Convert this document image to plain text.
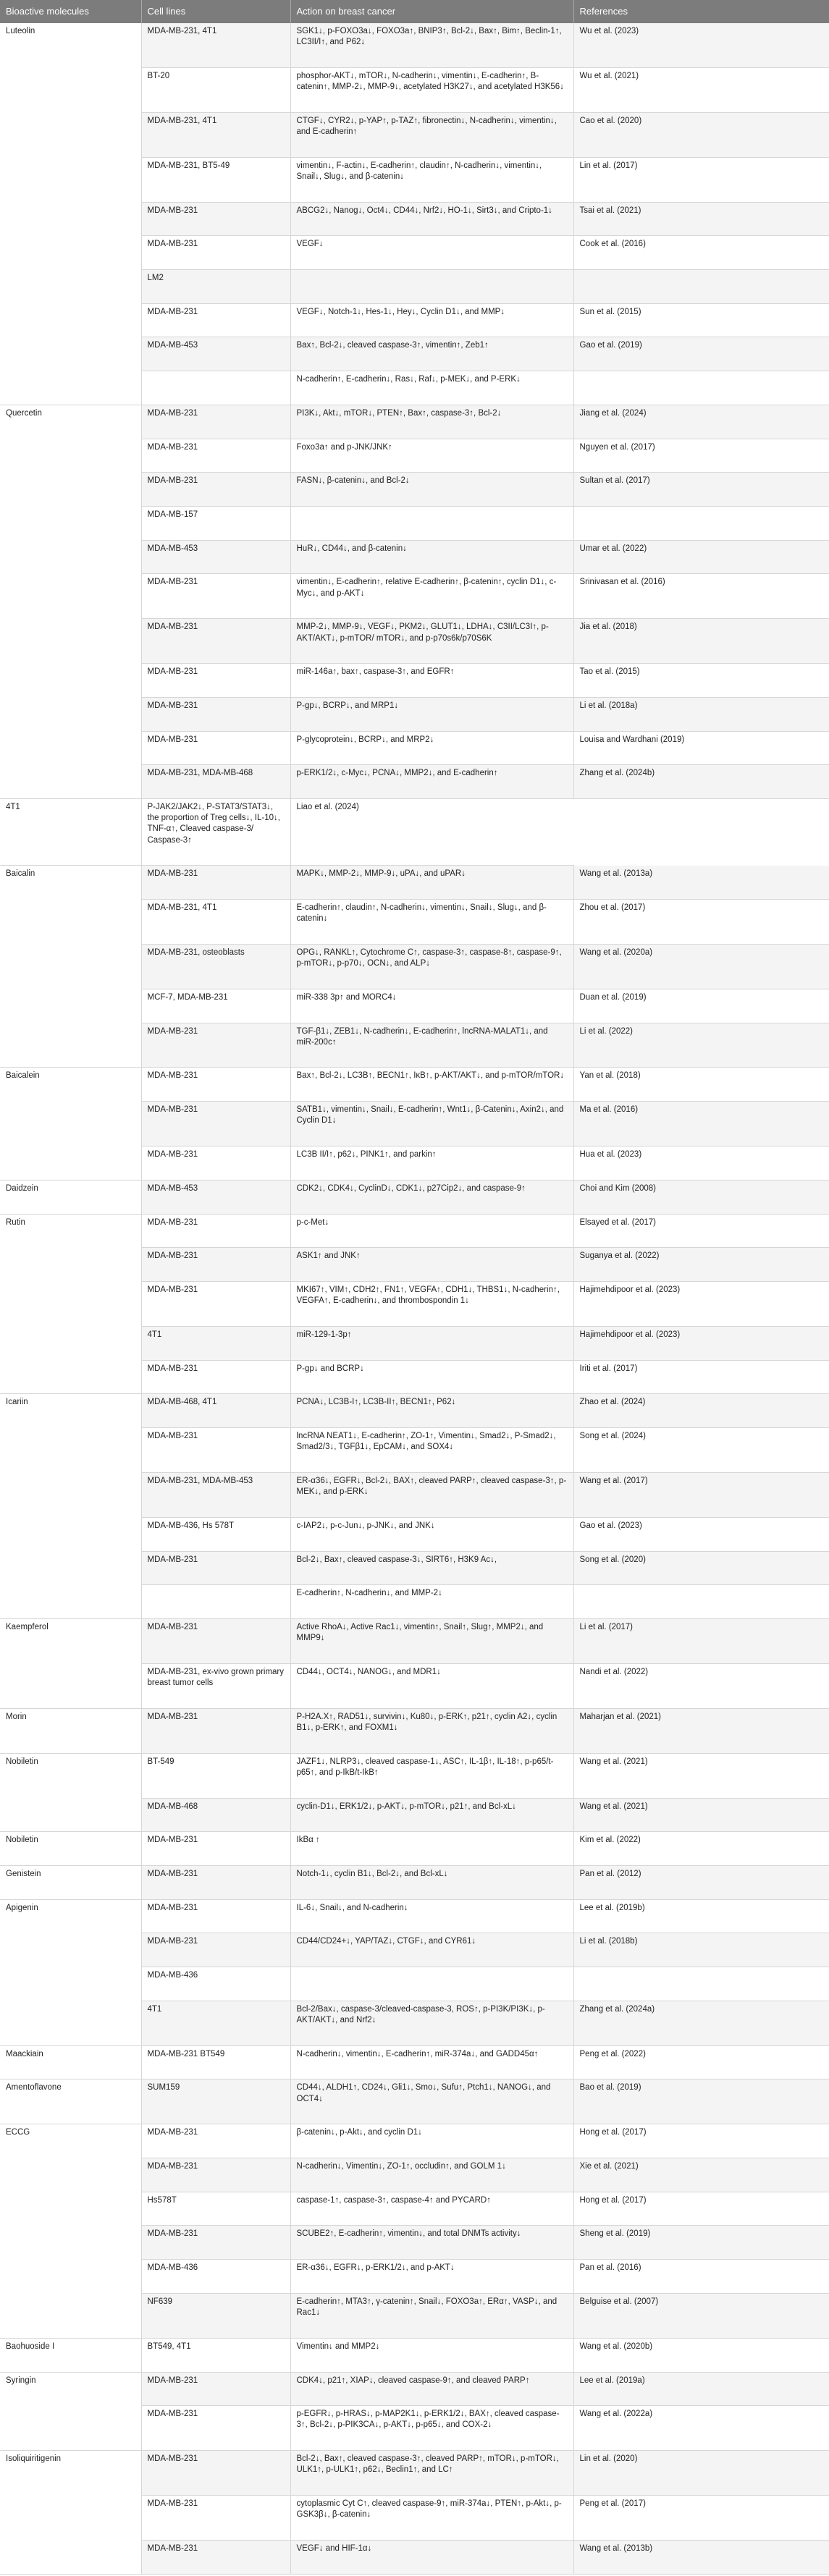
Bioactive molecules	Cell lines	Action on breast cancer	References
Luteolin	MDA-MB-231, 4T1	SGK1↓, p-FOXO3a↓, FOXO3a↑, BNIP3↑, Bcl-2↓, Bax↑, Bim↑, Beclin-1↑, LC3II/I↑, and P62↓	Wu et al. (2023)
	BT-20	phosphor-AKT↓, mTOR↓, N-cadherin↓, vimentin↓, E-cadherin↑, Β-catenin↑, MMP-2↓, MMP-9↓, acetylated H3K27↓, and acetylated H3K56↓	Wu et al. (2021)
	MDA-MB-231, 4T1	CTGF↓, CYR2↓, p-YAP↑, p-TAZ↑, fibronectin↓, N-cadherin↓, vimentin↓, and E-cadherin↑	Cao et al. (2020)
	MDA-MB-231, BT5-49	vimentin↓, F-actin↓, E-cadherin↑, claudin↑, N-cadherin↓, vimentin↓, Snail↓, Slug↓, and β-catenin↓	Lin et al. (2017)
	MDA-MB-231	ABCG2↓, Nanog↓, Oct4↓, CD44↓, Nrf2↓, HO-1↓, Sirt3↓, and Cripto-1↓	Tsai et al. (2021)
	MDA-MB-231	VEGF↓	Cook et al. (2016)
	LM2		
	MDA-MB-231	VEGF↓, Notch-1↓, Hes-1↓, Hey↓, Cyclin D1↓, and MMP↓	Sun et al. (2015)
	MDA-MB-453	Bax↑, Bcl-2↓, cleaved caspase-3↑, vimentin↑, Zeb1↑	Gao et al. (2019)
		N-cadherin↑, E-cadherin↓, Ras↓, Raf↓, p-MEK↓, and P-ERK↓	
Quercetin	MDA-MB-231	PI3K↓, Akt↓, mTOR↓, PTEN↑, Bax↑, caspase-3↑, Bcl-2↓	Jiang et al. (2024)
	MDA-MB-231	Foxo3a↑ and p-JNK/JNK↑	Nguyen et al. (2017)
	MDA-MB-231	FASN↓, β-catenin↓, and Bcl-2↓	Sultan et al. (2017)
	MDA-MB-157		
	MDA-MB-453	HuR↓, CD44↓, and β-catenin↓	Umar et al. (2022)
	MDA-MB-231	vimentin↓, E-cadherin↑, relative E-cadherin↑, β-catenin↑, cyclin D1↓, c-Myc↓, and p-AKT↓	Srinivasan et al. (2016)
	MDA-MB-231	MMP-2↓, MMP-9↓, VEGF↓, PKM2↓, GLUT1↓, LDHA↓, C3II/LC3I↑, p-AKT/AKT↓, p-mTOR/ mTOR↓, and p-p70s6k/p70S6K	Jia et al. (2018)
	MDA-MB-231	miR-146a↑, bax↑, caspase-3↑, and EGFR↑	Tao et al. (2015)
	MDA-MB-231	P-gp↓, BCRP↓, and MRP1↓	Li et al. (2018a)
	MDA-MB-231	P-glycoprotein↓, BCRP↓, and MRP2↓	Louisa and Wardhani (2019)
	MDA-MB-231, MDA-MB-468	p-ERK1/2↓, c-Myc↓, PCNA↓, MMP2↓, and E-cadherin↑	Zhang et al. (2024b)
4T1	P-JAK2/JAK2↓, P-STAT3/STAT3↓, the proportion of Treg cells↓, IL-10↓, TNF-α↑, Cleaved caspase-3/ Caspase-3↑	Liao et al. (2024)	
Baicalin	MDA-MB-231	MAPK↓, MMP-2↓, MMP-9↓, uPA↓, and uPAR↓	Wang et al. (2013a)
	MDA-MB-231, 4T1	E-cadherin↑, claudin↑, N-cadherin↓, vimentin↓, Snail↓, Slug↓, and β-catenin↓	Zhou et al. (2017)
	MDA-MB-231, osteoblasts	OPG↓, RANKL↑, Cytochrome C↑, caspase-3↑, caspase-8↑, caspase-9↑, p-mTOR↓, p-p70↓, OCN↓, and ALP↓	Wang et al. (2020a)
	MCF-7, MDA-MB-231	miR-338 3p↑ and MORC4↓	Duan et al. (2019)
	MDA-MB-231	TGF-β1↓, ZEB1↓, N-cadherin↓, E-cadherin↑, lncRNA-MALAT1↓, and miR-200c↑	Li et al. (2022)
Baicalein	MDA-MB-231	Bax↑, Bcl-2↓, LC3B↑, BECN1↑, IκB↑, p-AKT/AKT↓, and p-mTOR/mTOR↓	Yan et al. (2018)
	MDA-MB-231	SATB1↓, vimentin↓, Snail↓, E-cadherin↑, Wnt1↓, β-Catenin↓, Axin2↓, and Cyclin D1↓	Ma et al. (2016)
	MDA-MB-231	LC3B II/I↑, p62↓, PINK1↑, and parkin↑	Hua et al. (2023)
Daidzein	MDA-MB-453	CDK2↓, CDK4↓, CyclinD↓, CDK1↓, p27Cip2↓, and caspase-9↑	Choi and Kim (2008)
Rutin	MDA-MB-231	p-c-Met↓	Elsayed et al. (2017)
	MDA-MB-231	ASK1↑ and JNK↑	Suganya et al. (2022)
	MDA-MB-231	MKI67↑, VIM↑, CDH2↑, FN1↑, VEGFA↑, CDH1↓, THBS1↓, N-cadherin↑, VEGFA↑, E-cadherin↓, and thrombospondin 1↓	Hajimehdipoor et al. (2023)
	4T1	miR-129-1-3p↑	Hajimehdipoor et al. (2023)
	MDA-MB-231	P-gp↓ and BCRP↓	Iriti et al. (2017)
Icariin	MDA-MB-468, 4T1	PCNA↓, LC3B-I↑, LC3B-II↑, BECN1↑, P62↓	Zhao et al. (2024)
	MDA-MB-231	lncRNA NEAT1↓, E-cadherin↑, ZO-1↑, Vimentin↓, Smad2↓, P-Smad2↓, Smad2/3↓, TGFβ1↓, EpCAM↓, and SOX4↓	Song et al. (2024)
	MDA-MB-231, MDA-MB-453	ER-α36↓, EGFR↓, Bcl-2↓, BAX↑, cleaved PARP↑, cleaved caspase-3↑, p-MEK↓, and p-ERK↓	Wang et al. (2017)
	MDA-MB-436, Hs 578T	c-IAP2↓, p-c-Jun↓, p-JNK↓, and JNK↓	Gao et al. (2023)
	MDA-MB-231	Bcl-2↓, Bax↑, cleaved caspase-3↓, SIRT6↑, H3K9 Ac↓,	Song et al. (2020)
		E-cadherin↑, N-cadherin↓, and MMP-2↓	
Kaempferol	MDA-MB-231	Active RhoA↓, Active Rac1↓, vimentin↑, Snail↑, Slug↑, MMP2↓, and MMP9↓	Li et al. (2017)
	MDA-MB-231, ex-vivo grown primary breast tumor cells	CD44↓, OCT4↓, NANOG↓, and MDR1↓	Nandi et al. (2022)
Morin	MDA-MB-231	P-H2A.X↑, RAD51↓, survivin↓, Ku80↓, p-ERK↑, p21↑, cyclin A2↓, cyclin B1↓, p-ERK↑, and FOXM1↓	Maharjan et al. (2021)
Nobiletin	BT-549	JAZF1↓, NLRP3↓, cleaved caspase-1↓, ASC↑, IL-1β↑, IL-18↑, p-p65/t-p65↑, and p-IkB/t-IkB↑	Wang et al. (2021)
	MDA-MB-468	cyclin-D1↓, ERK1/2↓, p-AKT↓, p-mTOR↓, p21↑, and Bcl-xL↓	Wang et al. (2021)
Nobiletin	MDA-MB-231	IkBα ↑	Kim et al. (2022)
Genistein	MDA-MB-231	Notch-1↓, cyclin B1↓, Bcl-2↓, and Bcl-xL↓	Pan et al. (2012)
Apigenin	MDA-MB-231	IL-6↓, Snail↓, and N-cadherin↓	Lee et al. (2019b)
	MDA-MB-231	CD44/CD24+↓, YAP/TAZ↓, CTGF↓, and CYR61↓	Li et al. (2018b)
	MDA-MB-436		
	4T1	Bcl-2/Bax↓, caspase-3/cleaved-caspase-3, ROS↑, p-PI3K/PI3K↓, p-AKT/AKT↓, and Nrf2↓	Zhang et al. (2024a)
Maackiain	MDA-MB-231 BT549	N-cadherin↓, vimentin↓, E-cadherin↑, miR-374a↓, and GADD45α↑	Peng et al. (2022)
Amentoflavone	SUM159	CD44↓, ALDH1↑, CD24↓, Gli1↓, Smo↓, Sufu↑, Ptch1↓, NANOG↓, and OCT4↓	Bao et al. (2019)
ECCG	MDA-MB-231	β-catenin↓, p-Akt↓, and cyclin D1↓	Hong et al. (2017)
	MDA-MB-231	N-cadherin↓, Vimentin↓, ZO-1↑, occludin↑, and GOLM 1↓	Xie et al. (2021)
	Hs578T	caspase-1↑, caspase-3↑, caspase-4↑ and PYCARD↑	Hong et al. (2017)
	MDA-MB-231	SCUBE2↑, E-cadherin↑, vimentin↓, and total DNMTs activity↓	Sheng et al. (2019)
	MDA-MB-436	ER-α36↓, EGFR↓, p-ERK1/2↓, and p-AKT↓	Pan et al. (2016)
	NF639	E-cadherin↑, MTA3↑, γ-catenin↑, Snail↓, FOXO3a↑, ERα↑, VASP↓, and Rac1↓	Belguise et al. (2007)
Baohuoside I	BT549, 4T1	Vimentin↓ and MMP2↓	Wang et al. (2020b)
Syringin	MDA-MB-231	CDK4↓, p21↑, XIAP↓, cleaved caspase-9↑, and cleaved PARP↑	Lee et al. (2019a)
	MDA-MB-231	p-EGFR↓, p-HRAS↓, p-MAP2K1↓, p-ERK1/2↓, BAX↑, cleaved caspase-3↑, Bcl-2↓, p-PIK3CA↓, p-AKT↓, p-p65↓, and COX-2↓	Wang et al. (2022a)
Isoliquiritigenin	MDA-MB-231	Bcl-2↓, Bax↑, cleaved caspase-3↑, cleaved PARP↑, mTOR↓, p-mTOR↓, ULK1↑, p-ULK1↑, p62↓, Beclin1↑, and LC↑	Lin et al. (2020)
	MDA-MB-231	cytoplasmic Cyt C↑, cleaved caspase-9↑, miR-374a↓, PTEN↑, p-Akt↓, p-GSK3β↓, β-catenin↓	Peng et al. (2017)
	MDA-MB-231	VEGF↓ and HIF-1α↓	Wang et al. (2013b)
